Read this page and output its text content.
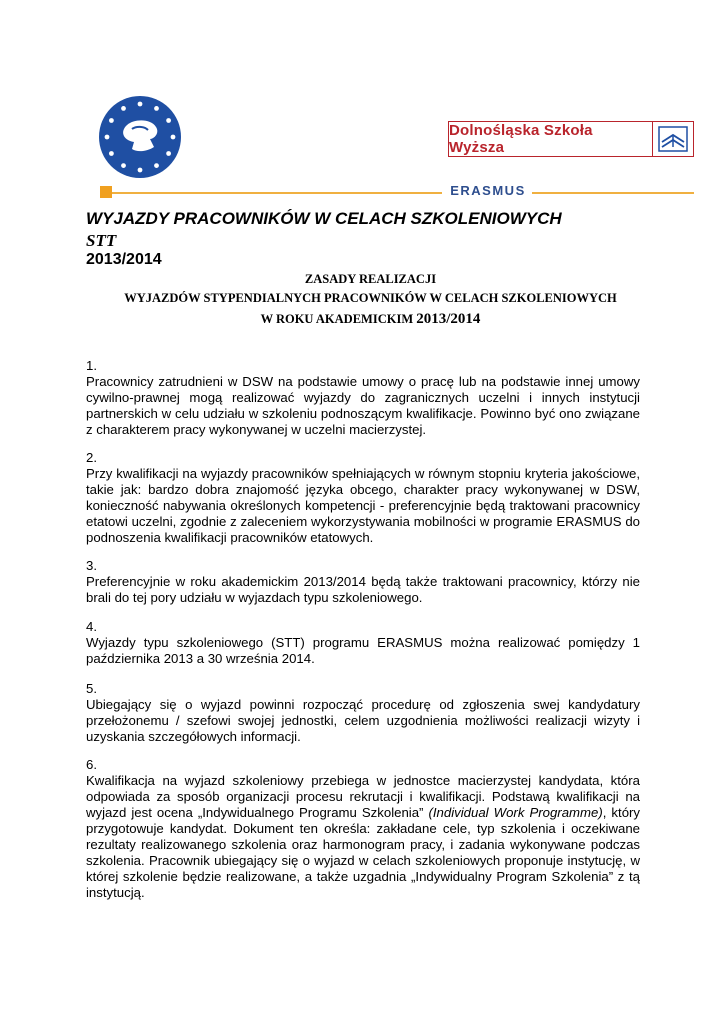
Dolnośląska Szkoła Wyższa
ERASMUS
WYJAZDY PRACOWNIKÓW W CELACH SZKOLENIOWYCH
STT
2013/2014
ZASADY REALIZACJI
WYJAZDÓW STYPENDIALNYCH PRACOWNIKÓW W CELACH SZKOLENIOWYCH
W ROKU AKADEMICKIM 2013/2014
1.
Pracownicy zatrudnieni w DSW na podstawie umowy o pracę lub na podstawie innej umowy cywilno-prawnej mogą realizować wyjazdy do zagranicznych uczelni i innych instytucji partnerskich w celu udziału w szkoleniu podnoszącym kwalifikacje. Powinno być ono związane z charakterem pracy wykonywanej w uczelni macierzystej.
2.
Przy kwalifikacji na wyjazdy pracowników spełniających w równym stopniu kryteria jakościowe, takie jak: bardzo dobra znajomość języka obcego, charakter pracy wykonywanej w DSW, konieczność nabywania określonych kompetencji - preferencyjnie będą traktowani pracownicy etatowi uczelni, zgodnie z zaleceniem wykorzystywania mobilności w programie ERASMUS do podnoszenia kwalifikacji pracowników etatowych.
3.
Preferencyjnie w roku akademickim 2013/2014 będą także traktowani pracownicy, którzy nie brali do tej pory udziału w wyjazdach typu szkoleniowego.
4.
Wyjazdy typu szkoleniowego (STT) programu ERASMUS można realizować pomiędzy 1 października 2013 a 30 września 2014.
5.
Ubiegający się o wyjazd powinni rozpocząć procedurę od zgłoszenia swej kandydatury przełożonemu / szefowi swojej jednostki, celem uzgodnienia możliwości realizacji wizyty i uzyskania szczegółowych informacji.
6.
Kwalifikacja na wyjazd szkoleniowy przebiega w jednostce macierzystej kandydata, która odpowiada za sposób organizacji procesu rekrutacji i kwalifikacji. Podstawą kwalifikacji na wyjazd jest ocena „Indywidualnego Programu Szkolenia” (Individual Work Programme), który przygotowuje kandydat. Dokument ten określa: zakładane cele, typ szkolenia i oczekiwane rezultaty realizowanego szkolenia oraz harmonogram pracy, i zadania wykonywane podczas szkolenia. Pracownik ubiegający się o wyjazd w celach szkoleniowych proponuje instytucję, w której szkolenie będzie realizowane, a także uzgadnia „Indywidualny Program Szkolenia” z tą instytucją.
